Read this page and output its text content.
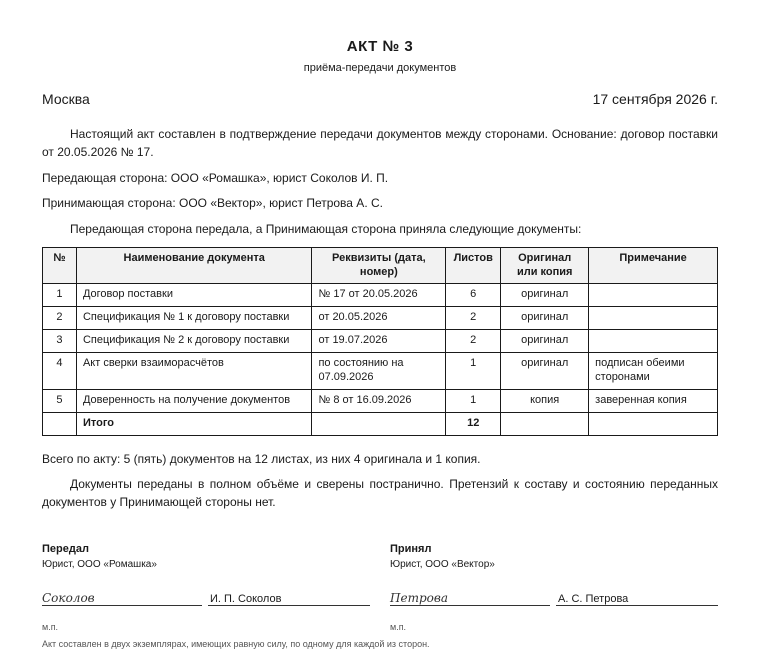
АКТ № 3
приёма-передачи документов
Москва	17 сентября 2026 г.
Настоящий акт составлен в подтверждение передачи документов между сторонами. Основание: договор поставки от 20.05.2026 № 17.
Передающая сторона: ООО «Ромашка», юрист Соколов И. П.
Принимающая сторона: ООО «Вектор», юрист Петрова А. С.
Передающая сторона передала, а Принимающая сторона приняла следующие документы:
№	Наименование документа	Реквизиты (дата, номер)	Листов	Оригинал или копия	Примечание
1	Договор поставки	№ 17 от 20.05.2026	6	оригинал	
2	Спецификация № 1 к договору поставки	от 20.05.2026	2	оригинал	
3	Спецификация № 2 к договору поставки	от 19.07.2026	2	оригинал	
4	Акт сверки взаиморасчётов	по состоянию на 07.09.2026	1	оригинал	подписан обеими сторонами
5	Доверенность на получение документов	№ 8 от 16.09.2026	1	копия	заверенная копия
	Итого		12		
Всего по акту: 5 (пять) документов на 12 листах, из них 4 оригинала и 1 копия.
Документы переданы в полном объёме и сверены постранично. Претензий к составу и состоянию переданных документов у Принимающей стороны нет.
Передал
Юрист, ООО «Ромашка»
Соколов	И. П. Соколов
м.п.
Принял
Юрист, ООО «Вектор»
Петрова	А. С. Петрова
м.п.
Акт составлен в двух экземплярах, имеющих равную силу, по одному для каждой из сторон.
